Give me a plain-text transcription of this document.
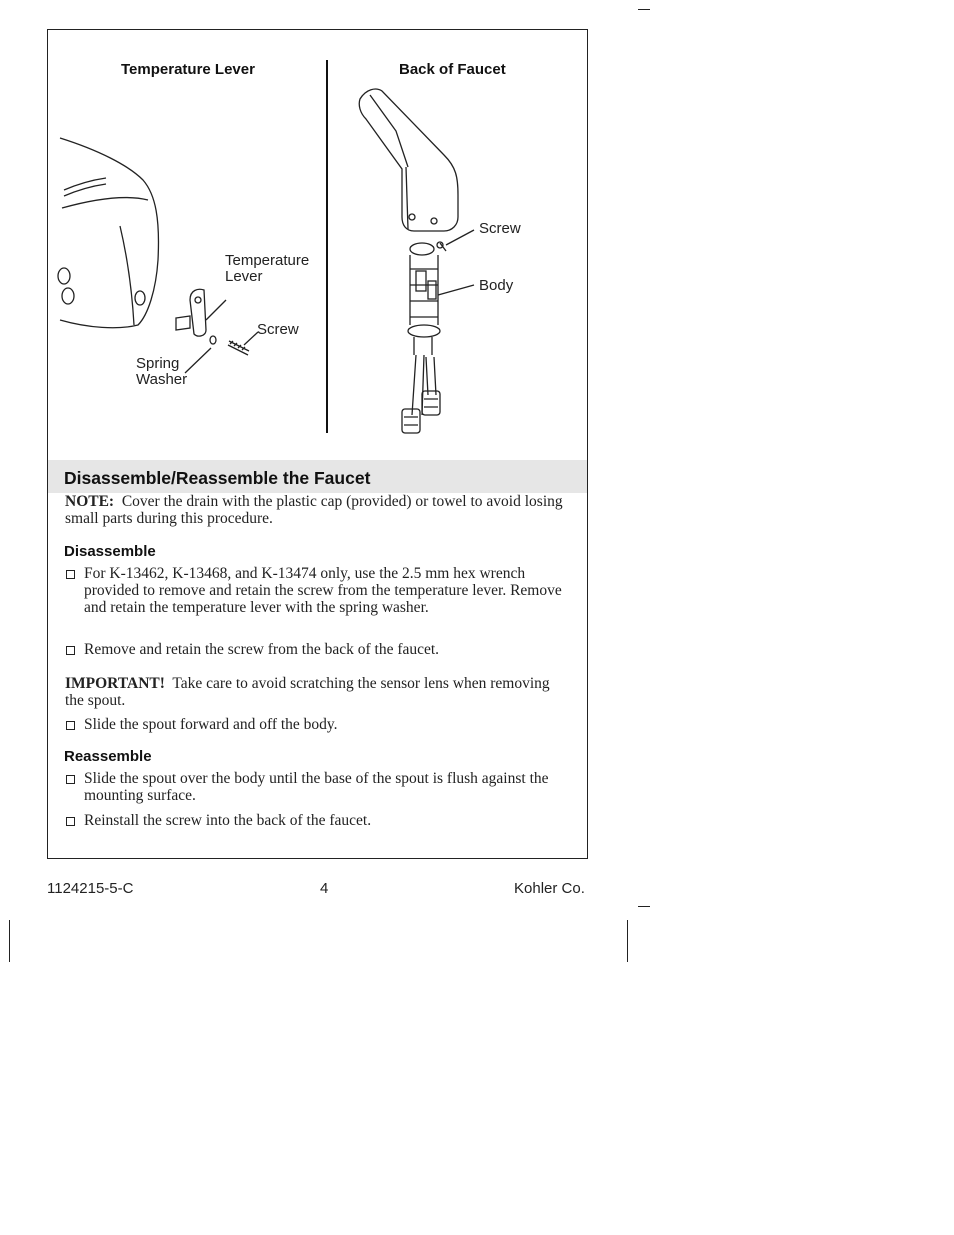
Temperature Lever	Back of Faucet
Temperature
Lever
Screw
Spring
Washer
Screw
Body
Disassemble/Reassemble the Faucet
NOTE: Cover the drain with the plastic cap (provided) or towel to avoid losing small parts during this procedure.
Disassemble
For K-13462, K-13468, and K-13474 only, use the 2.5 mm hex wrench provided to remove and retain the screw from the temperature lever. Remove and retain the temperature lever with the spring washer.
Remove and retain the screw from the back of the faucet.
IMPORTANT! Take care to avoid scratching the sensor lens when removing the spout.
Slide the spout forward and off the body.
Reassemble
Slide the spout over the body until the base of the spout is flush against the mounting surface.
Reinstall the screw into the back of the faucet.
1124215-5-C	4	Kohler Co.
